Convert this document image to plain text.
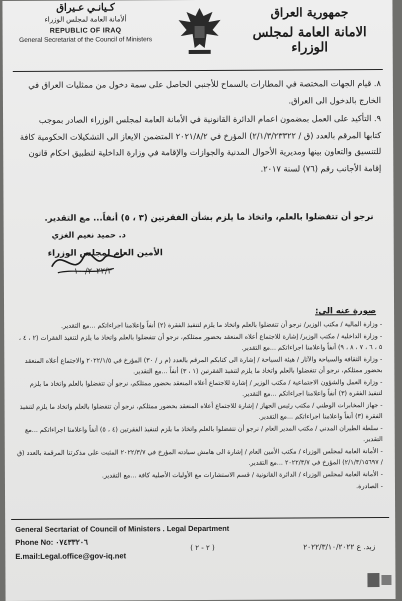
كـيانـي عـيراق
ألأمانة العامة لمجلس الوزراء
REPUBLIC OF IRAQ
General Secretariat of the Council of Ministers
جمهورية العراق
الامانة العامة لمجلس الوزراء

٨. قيام الجهات المختصة في المطارات بالسماح للأجنبي الحاصل على سمة دخول من ممثليات العراق في الخارج بالدخول الى العراق.

٩. التأكيد على العمل بمضمون اعمام الدائرة القانونية في الأمانة العامة لمجلس الوزراء الصادر بموجب كتابها المرقم بالعدد (ق / ٢/١/٣/٢٣٣٢٢) المؤرخ في ٢٠٢١/٨/٢ المتضمن الايعاز الى التشكيلات الحكومية كافة للتنسيق والتعاون بينها ومديرية الأحوال المدنية والجوازات والإقامة في وزارة الداخلية لتطبيق احكام قانون إقامة الأجانب رقم (٧٦) لسنة ٢٠١٧.

نرجو أن تتفضلوا بالعلم، واتخاذ ما يلزم بشأن الفقرتين (٣ ، ٥) أنفاً... مع التقدير.
د. حميد نعيم الغزي
الأمين العام لمجلس الوزراء
٢٠٢٢/٣/ ١٠
صورة عنه الى:
- وزارة المالية / مكتب الوزير/ نرجو أن تتفضلوا بالعلم واتخاذ ما يلزم لتنفيذ الفقرة (٢) أنفاً وإعلامنا اجراءاتكم ...مع التقدير.
- وزارة الداخلية / مكتب الوزير/ إشارة للاجتماع أعلاه المنعقد بحضور ممثلكم، نرجو أن تتفضلوا بالعلم واتخاذ ما يلزم لتنفيذ الفقرات (٢ ، ٤ ، ٥ ، ٦ ، ٧ ، ٨ ، ٩) أنفاً واعلامنا اجراءاتكم ...مع التقدير.
- وزارة الثقافة والسياحة والآثار / هيئة السياحة / إشارة الى كتابكم المرقم بالعدد (م ر / ٣٠) المؤرخ في ٢٠٢٢/١/٥ والاجتماع أعلاه المنعقد بحضور ممثلكم، نرجو أن تتفضلوا بالعلم واتخاذ ما يلزم لتنفيذ الفقرتين (١ ، ٣) أنفاً ...مع التقدير.
- وزارة العمل والشؤون الاجتماعية / مكتب الوزير / إشارة للاجتماع أعلاه المنعقد بحضور ممثلكم، نرجو أن تتفضلوا بالعلم واتخاذ ما يلزم لتنفيذ الفقرة (٣) أنفاً واعلامنا اجراءاتكم ...مع التقدير.
- جهاز المخابرات الوطني / مكتب رئيس الجهاز / إشارة للاجتماع أعلاه المنعقد بحضور ممثلكم، نرجو أن تتفضلوا بالعلم واتخاذ ما يلزم لتنفيذ الفقرة (٣) أنفاً واعلامنا اجراءاتكم ...مع التقدير.
- سلطة الطيران المدني / مكتب المدير العام / نرجو أن تتفضلوا بالعلم واتخاذ ما يلزم لتنفيذ الفقرتين (٤ ، ٥) أنفاً واعلامنا اجراءاتكم ...مع التقدير.
- الأمانة العامة لمجلس الوزراء / مكتب الأمين العام / إشارة الى هامش سيادته المؤرخ في ٢٠٢٢/٣/٧ المثبت على مذكرتنا المرقمة بالعدد (ق / ٢/١/٣/١٥٦٩٧) المؤرخ في ٢٠٢٢/٣/٧ ...مع التقدير.
- الأمانة العامة لمجلس الوزراء / الدائرة القانونية / قسم الاستشارات مع الأوليات الأصلية كافة ...مع التقدير.
- الصادرة.
General Secrtariat of Council of Ministers . Legal Department
Phone No: ٠٧٤٣٣٢٠٦
E.mail:Legal.office@gov-iq.net
( ٢ - ٢ )	زبد. ع ٢٠٢٢/٣/١٠/٢٠٢٢
